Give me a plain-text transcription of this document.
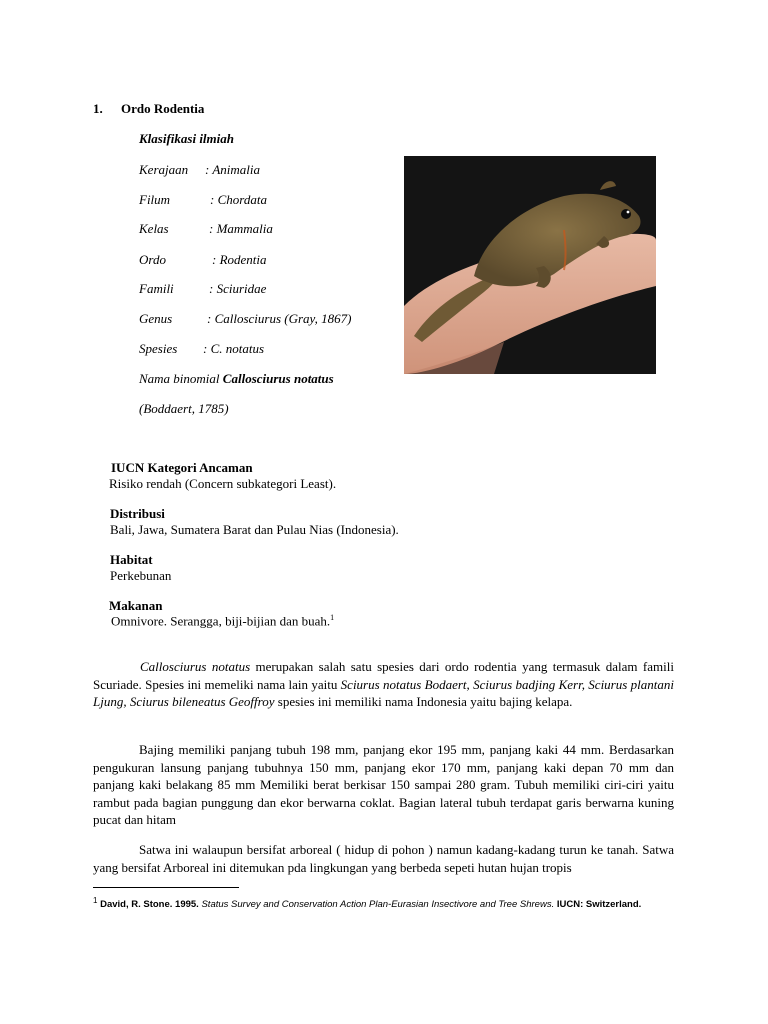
1. Ordo Rodentia
Klasifikasi ilmiah
Kerajaan : Animalia
Filum	: Chordata
Kelas	: Mammalia
Ordo	: Rodentia
Famili	: Sciuridae
Genus	: Callosciurus (Gray, 1867)
Spesies : C. notatus
Nama binomial Callosciurus notatus
(Boddaert, 1785)
IUCN Kategori Ancaman
Risiko rendah (Concern subkategori Least).
Distribusi
Bali, Jawa, Sumatera Barat dan Pulau Nias (Indonesia).
Habitat
Perkebunan
Makanan
Omnivore. Serangga, biji-bijian dan buah.$^1$
Callosciurus notatus merupakan salah satu spesies dari ordo rodentia yang termasuk dalam famili Scuriade. Spesies ini memeliki nama lain yaitu Sciurus notatus Bodaert, Sciurus badjing Kerr, Sciurus plantani Ljung, Sciurus bileneatus Geoffroy spesies ini memiliki nama Indonesia yaitu bajing kelapa.
Bajing memiliki panjang tubuh 198 mm, panjang ekor 195 mm, panjang kaki 44 mm. Berdasarkan pengukuran lansung panjang tubuhnya 150 mm, panjang ekor 170 mm, panjang kaki depan 70 mm dan panjang kaki belakang 85 mm Memiliki berat berkisar 150 sampai 280 gram. Tubuh memiliki ciri-ciri yaitu rambut pada bagian punggung dan ekor berwarna coklat. Bagian lateral tubuh terdapat garis berwarna kuning pucat dan hitam
Satwa ini walaupun bersifat arboreal ( hidup di pohon ) namun kadang-kadang turun ke tanah. Satwa yang bersifat Arboreal ini ditemukan pda lingkungan yang berbeda sepeti hutan hujan tropis
$^1$ David, R. Stone. 1995. Status Survey and Conservation Action Plan-Eurasian Insectivore and Tree Shrews. IUCN: Switzerland.
